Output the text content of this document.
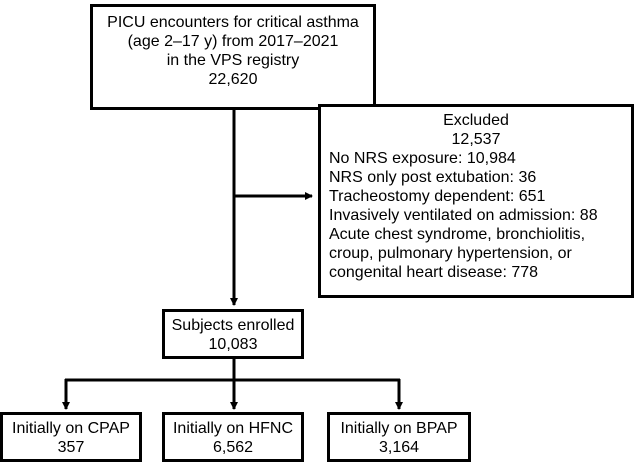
PICU encounters for critical asthma
(age 2–17 y) from 2017–2021
in the VPS registry
22,620
Excluded
12,537
No NRS exposure: 10,984
NRS only post extubation: 36
Tracheostomy dependent: 651
Invasively ventilated on admission: 88
Acute chest syndrome, bronchiolitis,
croup, pulmonary hypertension, or
congenital heart disease: 778
Subjects enrolled
10,083
Initially on CPAP
357
Initially on HFNC
6,562
Initially on BPAP
3,164
